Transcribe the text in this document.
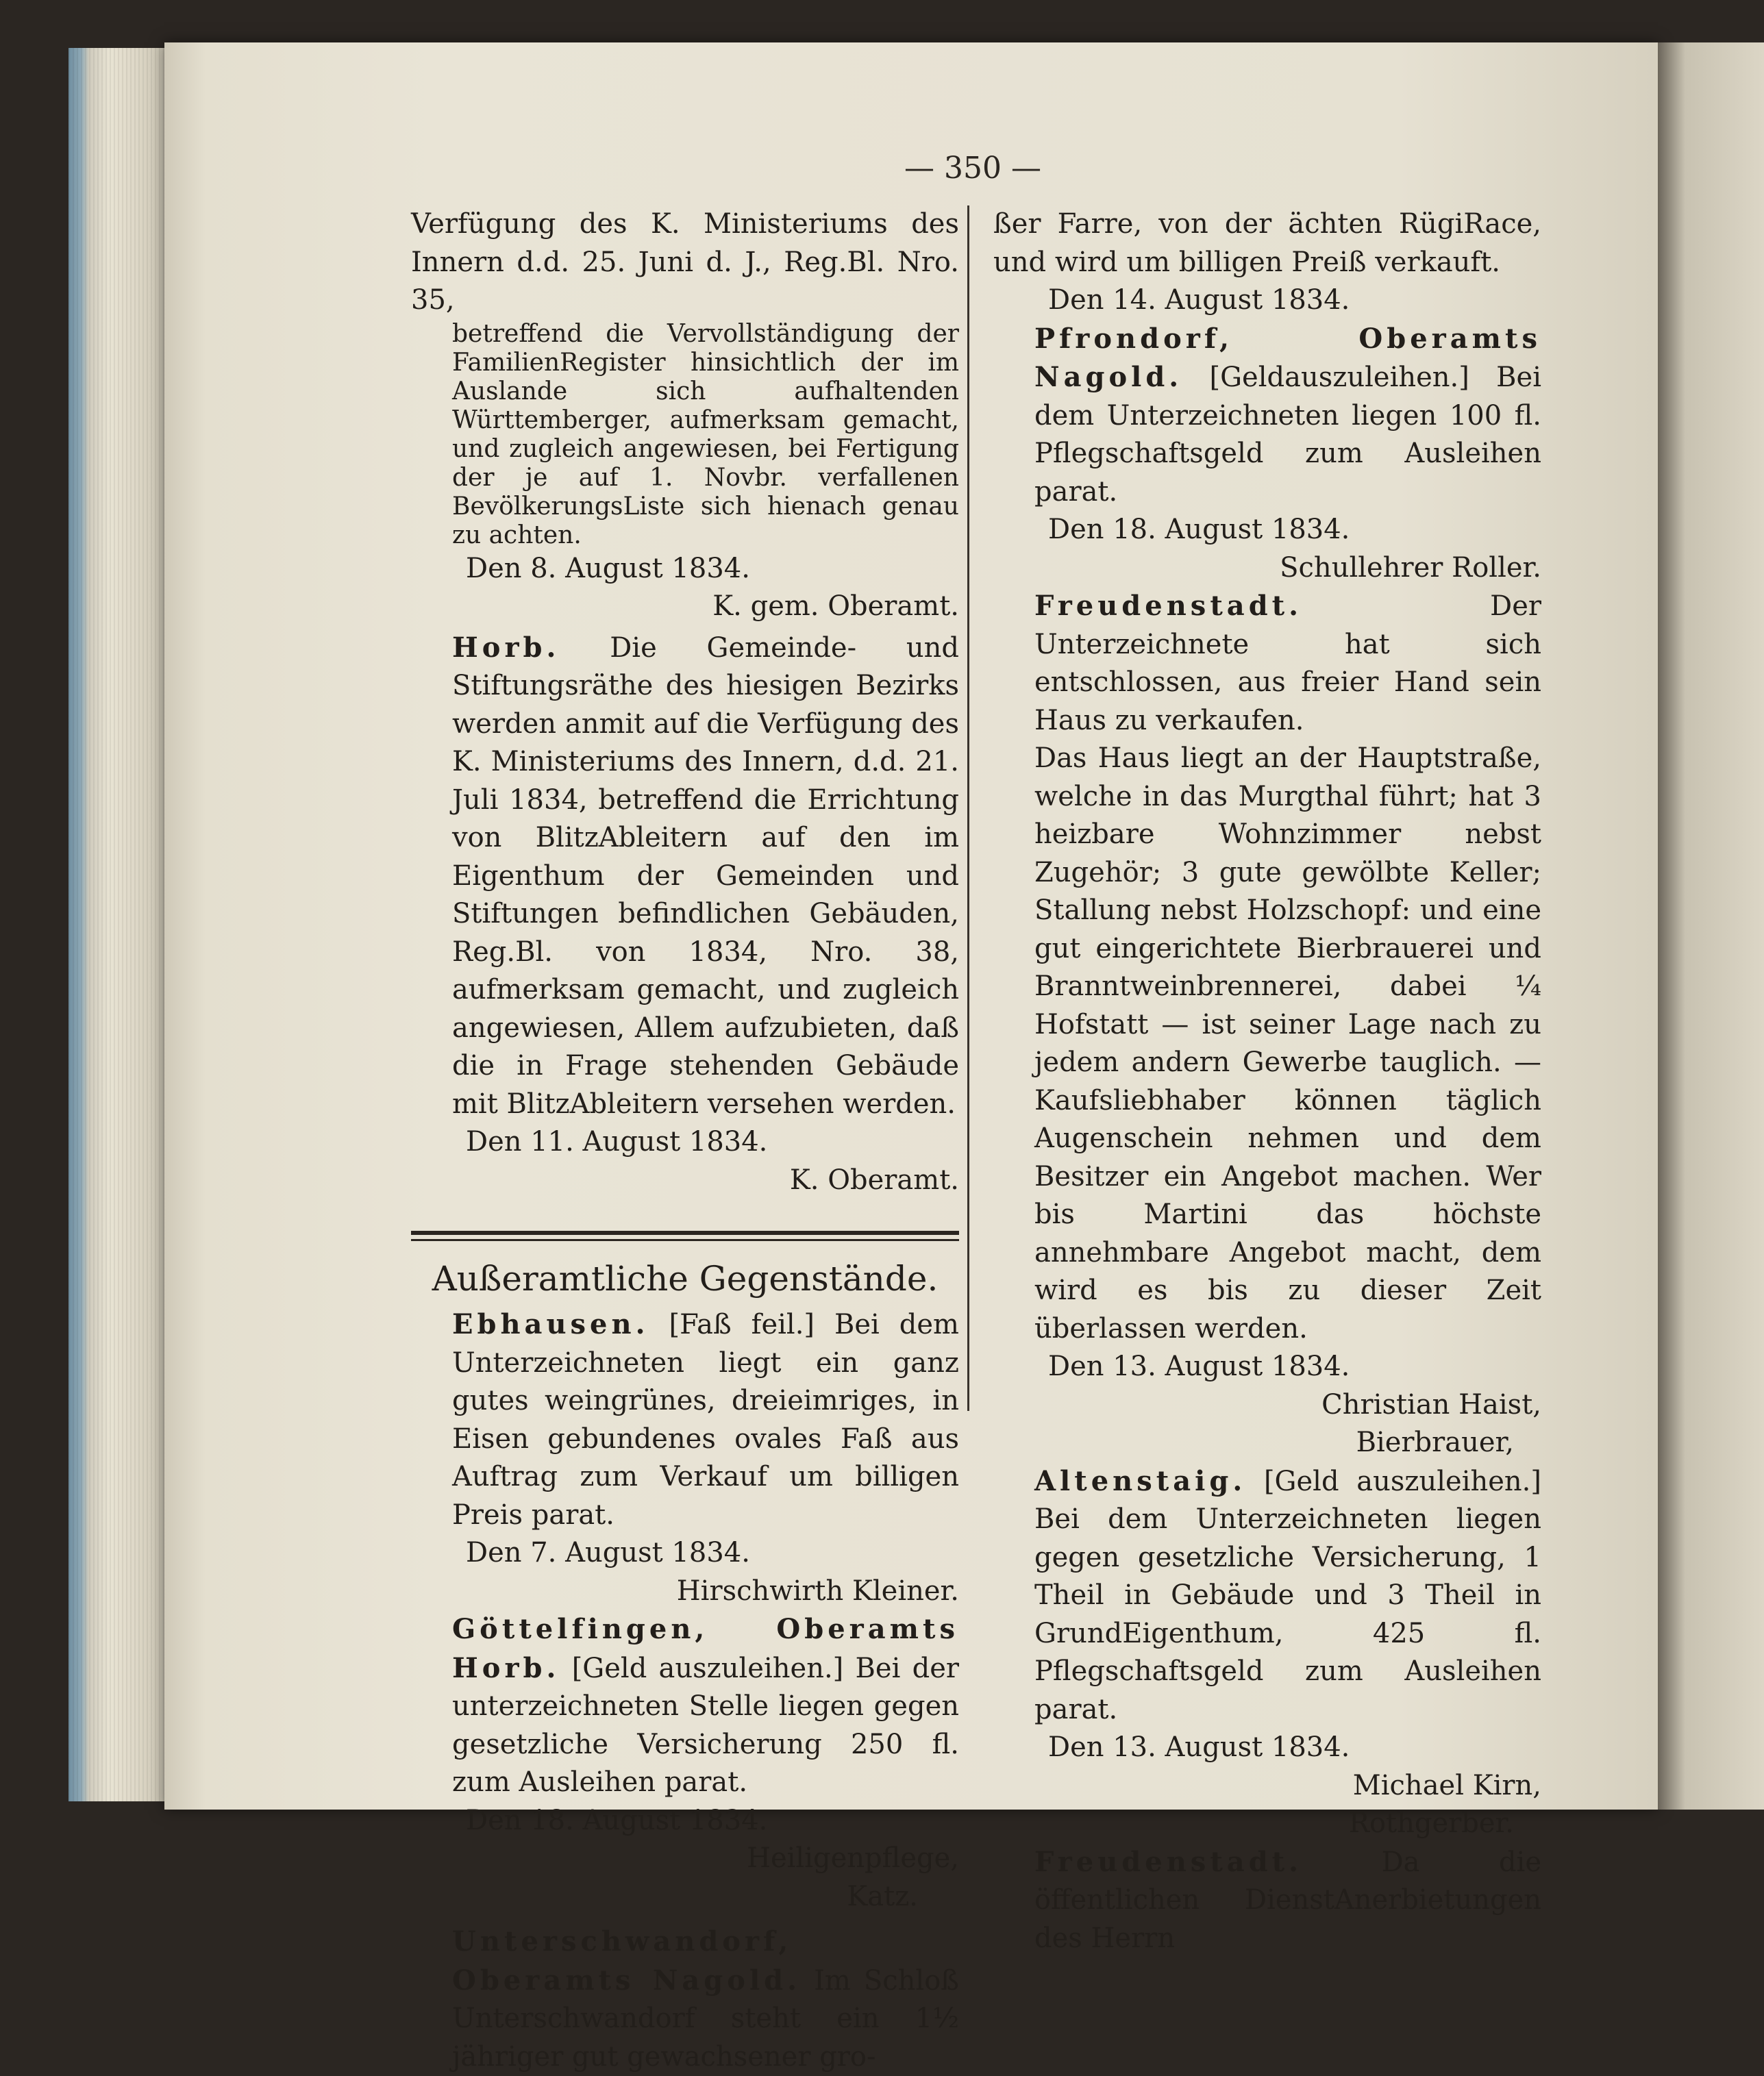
— 350 —

Verfügung des K. Ministeriums des Innern d.d. 25. Juni d. J., Reg.Bl. Nro. 35,

betreffend die Vervollständigung der FamilienRegister hinsichtlich der im Auslande sich aufhaltenden Württemberger, aufmerksam gemacht, und zugleich angewiesen, bei Fertigung der je auf 1. Novbr. verfallenen BevölkerungsListe sich hienach genau zu achten.

Den 8. August 1834.

K. gem. Oberamt.

Horb. Die Gemeinde- und Stiftungsräthe des hiesigen Bezirks werden anmit auf die Verfügung des K. Ministeriums des Innern, d.d. 21. Juli 1834, betreffend die Errichtung von BlitzAbleitern auf den im Eigenthum der Gemeinden und Stiftungen befindlichen Gebäuden, Reg.Bl. von 1834, Nro. 38, aufmerksam gemacht, und zugleich angewiesen, Allem aufzubieten, daß die in Frage stehenden Gebäude mit BlitzAbleitern versehen werden.

Den 11. August 1834.

K. Oberamt.

Außeramtliche Gegenstände.

Ebhausen. [Faß feil.] Bei dem Unterzeichneten liegt ein ganz gutes weingrünes, dreieimriges, in Eisen gebundenes ovales Faß aus Auftrag zum Verkauf um billigen Preis parat.

Den 7. August 1834.

Hirschwirth Kleiner.

Göttelfingen, Oberamts Horb. [Geld auszuleihen.] Bei der unterzeichneten Stelle liegen gegen gesetzliche Versicherung 250 fl. zum Ausleihen parat.

Den 18. August 1834.

Heiligenpflege,

Katz.

Unterschwandorf, Oberamts Nagold. Im Schloß Unterschwandorf steht ein 1½ jähriger gut gewachsener gro-

ßer Farre, von der ächten RügiRace, und wird um billigen Preiß verkauft.

Den 14. August 1834.

Pfrondorf, Oberamts Nagold. [Geldauszuleihen.] Bei dem Unterzeichneten liegen 100 fl. Pflegschaftsgeld zum Ausleihen parat.

Den 18. August 1834.

Schullehrer Roller.

Freudenstadt.	Der Unterzeichnete hat sich entschlossen, aus freier Hand sein Haus zu verkaufen.

Das Haus liegt an der Hauptstraße, welche in das Murgthal führt; hat 3 heizbare Wohnzimmer nebst Zugehör; 3 gute gewölbte Keller; Stallung nebst Holzschopf: und eine gut eingerichtete Bierbrauerei und Branntweinbrennerei, dabei ¼ Hofstatt — ist seiner Lage nach zu jedem andern Gewerbe tauglich. — Kaufsliebhaber können täglich Augenschein nehmen und dem Besitzer ein Angebot machen. Wer bis Martini das höchste annehmbare Angebot macht, dem wird es bis zu dieser Zeit überlassen werden.

Den 13. August 1834.

Christian Haist,

Bierbrauer,

Altenstaig. [Geld auszuleihen.] Bei dem Unterzeichneten liegen gegen gesetzliche Versicherung, 1 Theil in Gebäude und 3 Theil in GrundEigenthum, 425 fl. Pflegschaftsgeld zum Ausleihen parat.

Den 13. August 1834.

Michael Kirn,

Rothgerber.

Freudenstadt.	Da die öffentlichen DienstAnerbietungen des Herrn
